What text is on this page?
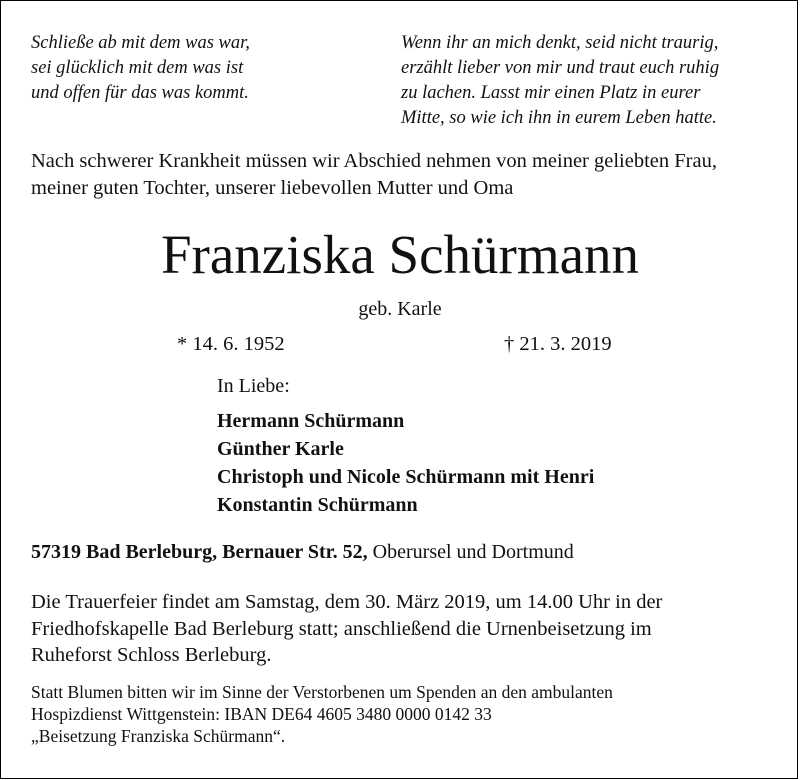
Schließe ab mit dem was war,
sei glücklich mit dem was ist
und offen für das was kommt.
Wenn ihr an mich denkt, seid nicht traurig,
erzählt lieber von mir und traut euch ruhig
zu lachen. Lasst mir einen Platz in eurer
Mitte, so wie ich ihn in eurem Leben hatte.
Nach schwerer Krankheit müssen wir Abschied nehmen von meiner geliebten Frau,
meiner guten Tochter, unserer liebevollen Mutter und Oma
Franziska Schürmann
geb. Karle
* 14. 6. 1952	† 21. 3. 2019
In Liebe:
Hermann Schürmann
Günther Karle
Christoph und Nicole Schürmann mit Henri
Konstantin Schürmann
57319 Bad Berleburg, Bernauer Str. 52, Oberursel und Dortmund
Die Trauerfeier findet am Samstag, dem 30. März 2019, um 14.00 Uhr in der
Friedhofskapelle Bad Berleburg statt; anschließend die Urnenbeisetzung im
Ruheforst Schloss Berleburg.
Statt Blumen bitten wir im Sinne der Verstorbenen um Spenden an den ambulanten
Hospizdienst Wittgenstein: IBAN DE64 4605 3480 0000 0142 33
„Beisetzung Franziska Schürmann“.
